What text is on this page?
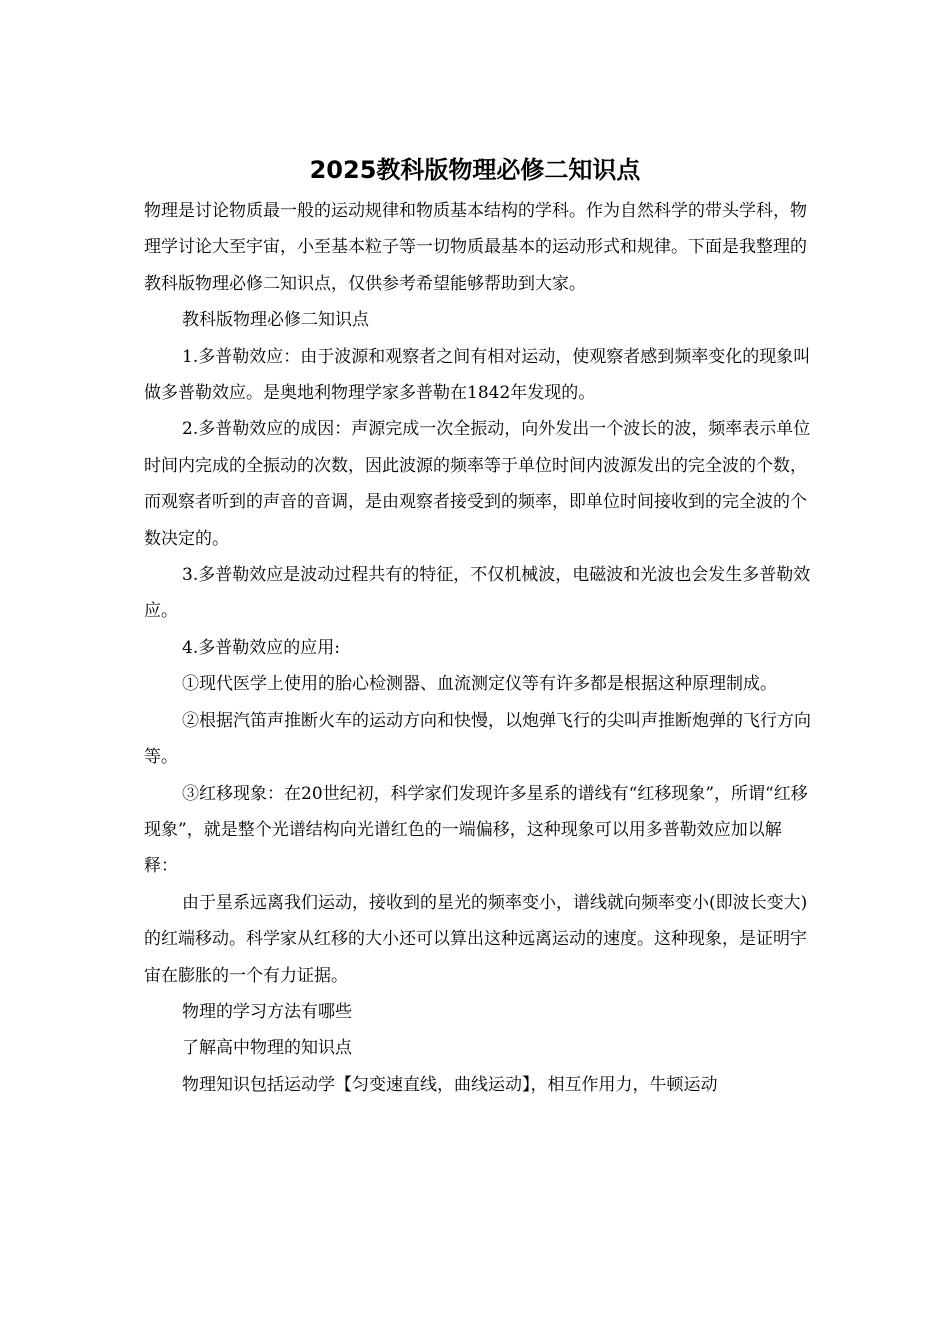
2025教科版物理必修二知识点

物理是讨论物质最一般的运动规律和物质基本结构的学科。作为自然科学的带头学科，物理学讨论大至宇宙，小至基本粒子等一切物质最基本的运动形式和规律。下面是我整理的教科版物理必修二知识点，仅供参考希望能够帮助到大家。

教科版物理必修二知识点

1.多普勒效应：由于波源和观察者之间有相对运动，使观察者感到频率变化的现象叫做多普勒效应。是奥地利物理学家多普勒在1842年发现的。

2.多普勒效应的成因：声源完成一次全振动，向外发出一个波长的波，频率表示单位时间内完成的全振动的次数，因此波源的频率等于单位时间内波源发出的完全波的个数，而观察者听到的声音的音调，是由观察者接受到的频率，即单位时间接收到的完全波的个数决定的。

3.多普勒效应是波动过程共有的特征，不仅机械波，电磁波和光波也会发生多普勒效应。

4.多普勒效应的应用:

①现代医学上使用的胎心检测器、血流测定仪等有许多都是根据这种原理制成。

②根据汽笛声推断火车的运动方向和快慢，以炮弹飞行的尖叫声推断炮弹的飞行方向等。

③红移现象：在20世纪初，科学家们发现许多星系的谱线有“红移现象”，所谓“红移现象”，就是整个光谱结构向光谱红色的一端偏移，这种现象可以用多普勒效应加以解释：

由于星系远离我们运动，接收到的星光的频率变小，谱线就向频率变小(即波长变大)的红端移动。科学家从红移的大小还可以算出这种远离运动的速度。这种现象，是证明宇宙在膨胀的一个有力证据。

物理的学习方法有哪些

了解高中物理的知识点

物理知识包括运动学【匀变速直线，曲线运动】，相互作用力，牛顿运动
